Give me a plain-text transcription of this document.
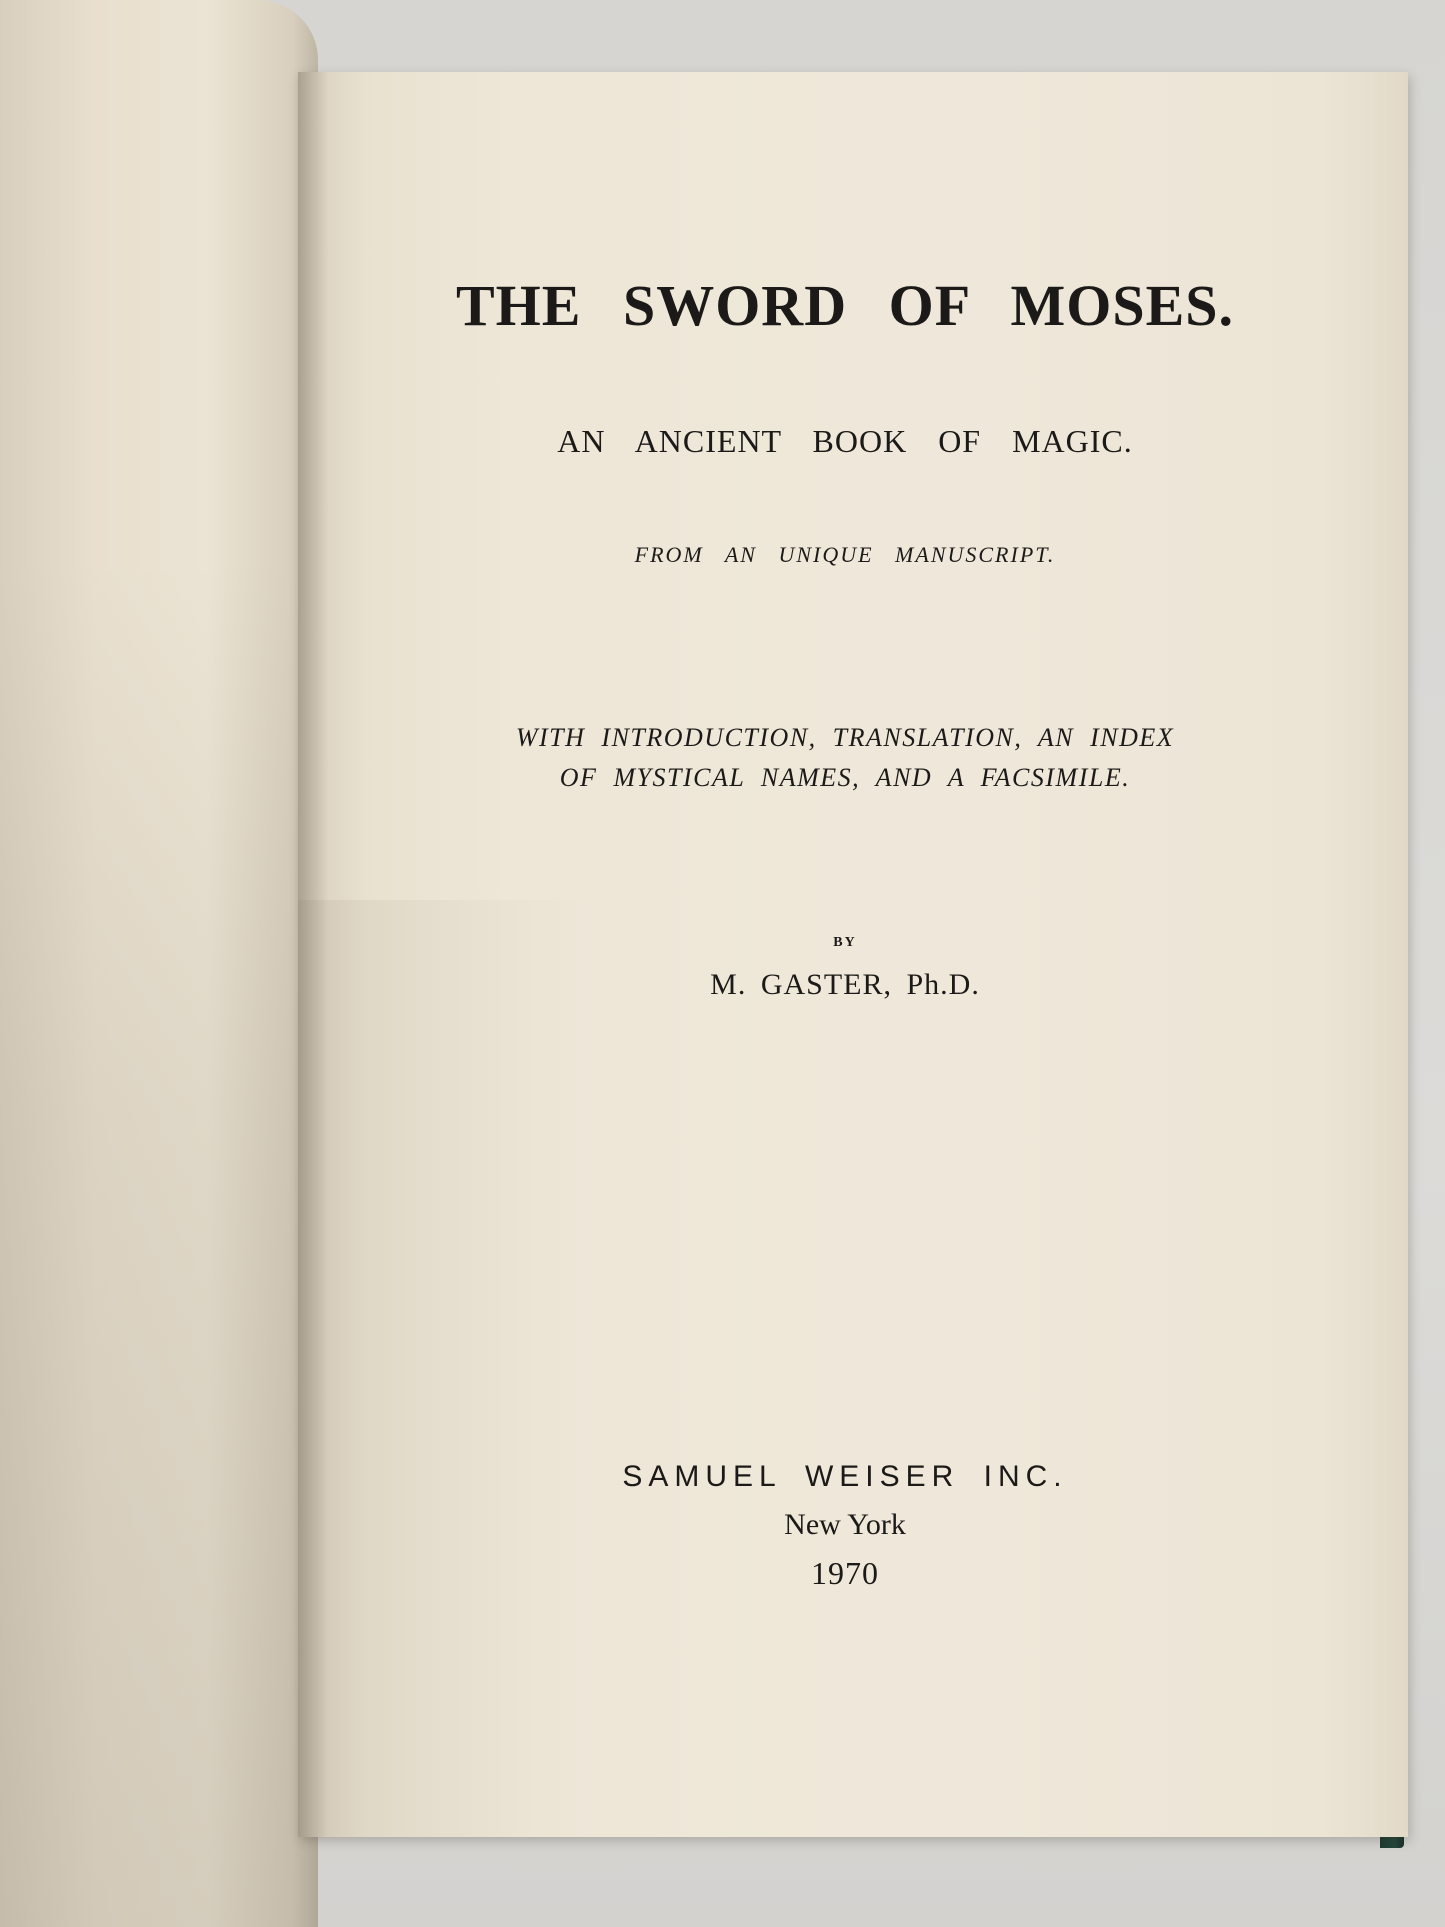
THE SWORD OF MOSES.
AN ANCIENT BOOK OF MAGIC.
FROM AN UNIQUE MANUSCRIPT.
WITH INTRODUCTION, TRANSLATION, AN INDEX
OF MYSTICAL NAMES, AND A FACSIMILE.
BY
M. GASTER, Ph.D.
SAMUEL WEISER INC.
New York
1970
